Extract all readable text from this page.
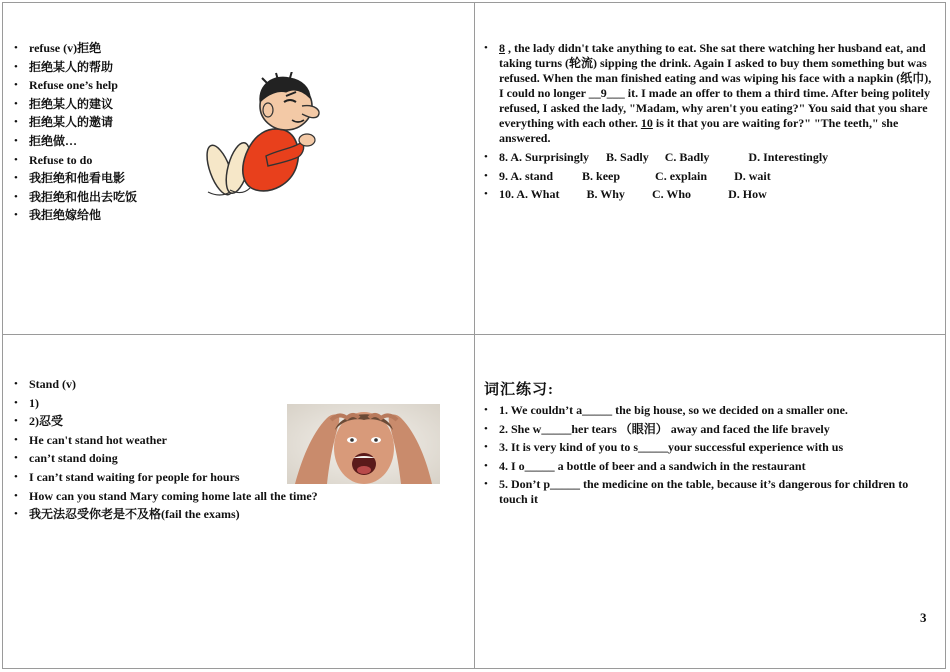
• refuse (v)拒绝
• 拒绝某人的帮助
• Refuse one’s help
• 拒绝某人的建议
• 拒绝某人的邀请
• 拒绝做…
• Refuse to do
• 我拒绝和他看电影
• 我拒绝和他出去吃饭
• 我拒绝嫁给他
• 8 , the lady didn't take anything to eat. She sat there watching her husband eat, and taking turns (轮流) sipping the drink. Again I asked to buy them something but was refused. When the man finished eating and was wiping his face with a napkin (纸巾), I could no longer __9___ it. I made an offer to them a third time. After being politely refused, I asked the lady, "Madam, why aren't you eating?" You said that you share everything with each other. 10 is it that you are waiting for?" "The teeth," she answered.
• 8. A. Surprisingly B. Sadly C. Badly	D. Interestingly
• 9. A. stand B. keep	C. explain D. wait
• 10. A. What B. Why C. Who	D. How
• Stand (v)
• 1)
• 2)忍受
• He can't stand hot weather
• can’t stand doing
• I can’t stand waiting for people for hours
• How can you stand Mary coming home late all the time?
• 我无法忍受你老是不及格(fail the exams)
词汇练习:
• 1. We couldn’t a_____ the big house, so we decided on a smaller one.
• 2. She w_____her tears （眼泪） away and faced the life bravely
• 3. It is very kind of you to s_____your successful experience with us
• 4. I o_____ a bottle of beer and a sandwich in the restaurant
• 5. Don’t p_____ the medicine on the table, because it’s dangerous for children to touch it
3
